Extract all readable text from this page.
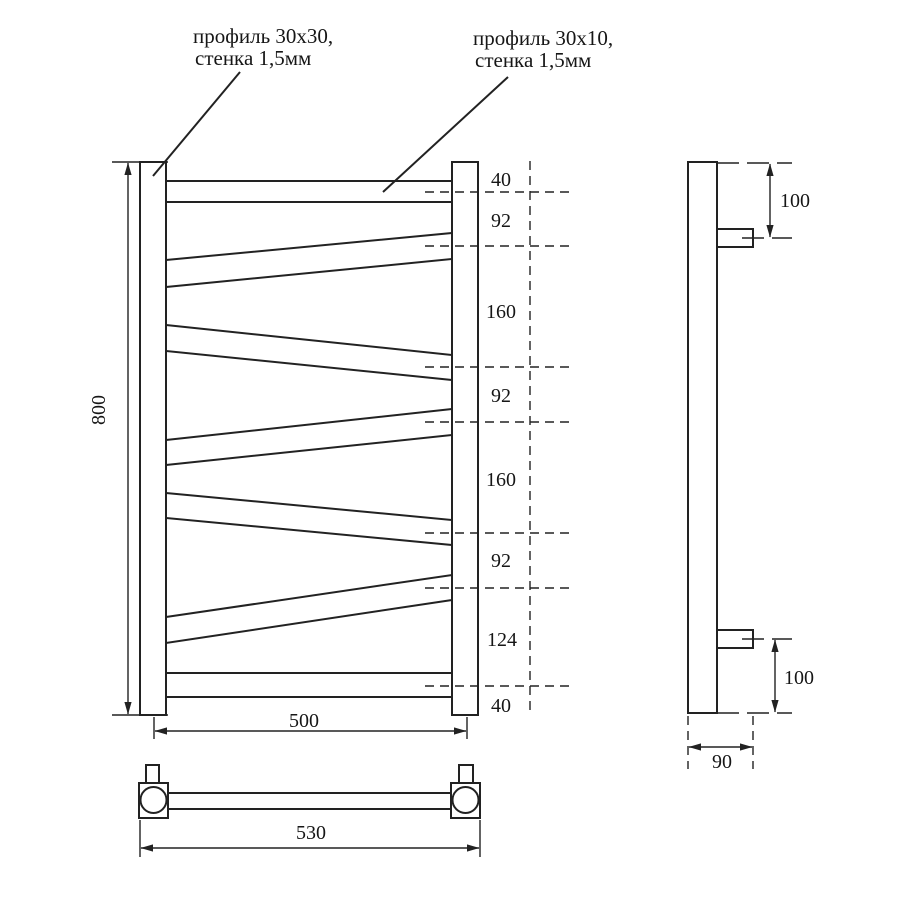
40
92
160
92
160
92
124
40
800
500
профиль 30x30,
стенка 1,5мм
профиль 30x10,
стенка 1,5мм
100
100
90
530
